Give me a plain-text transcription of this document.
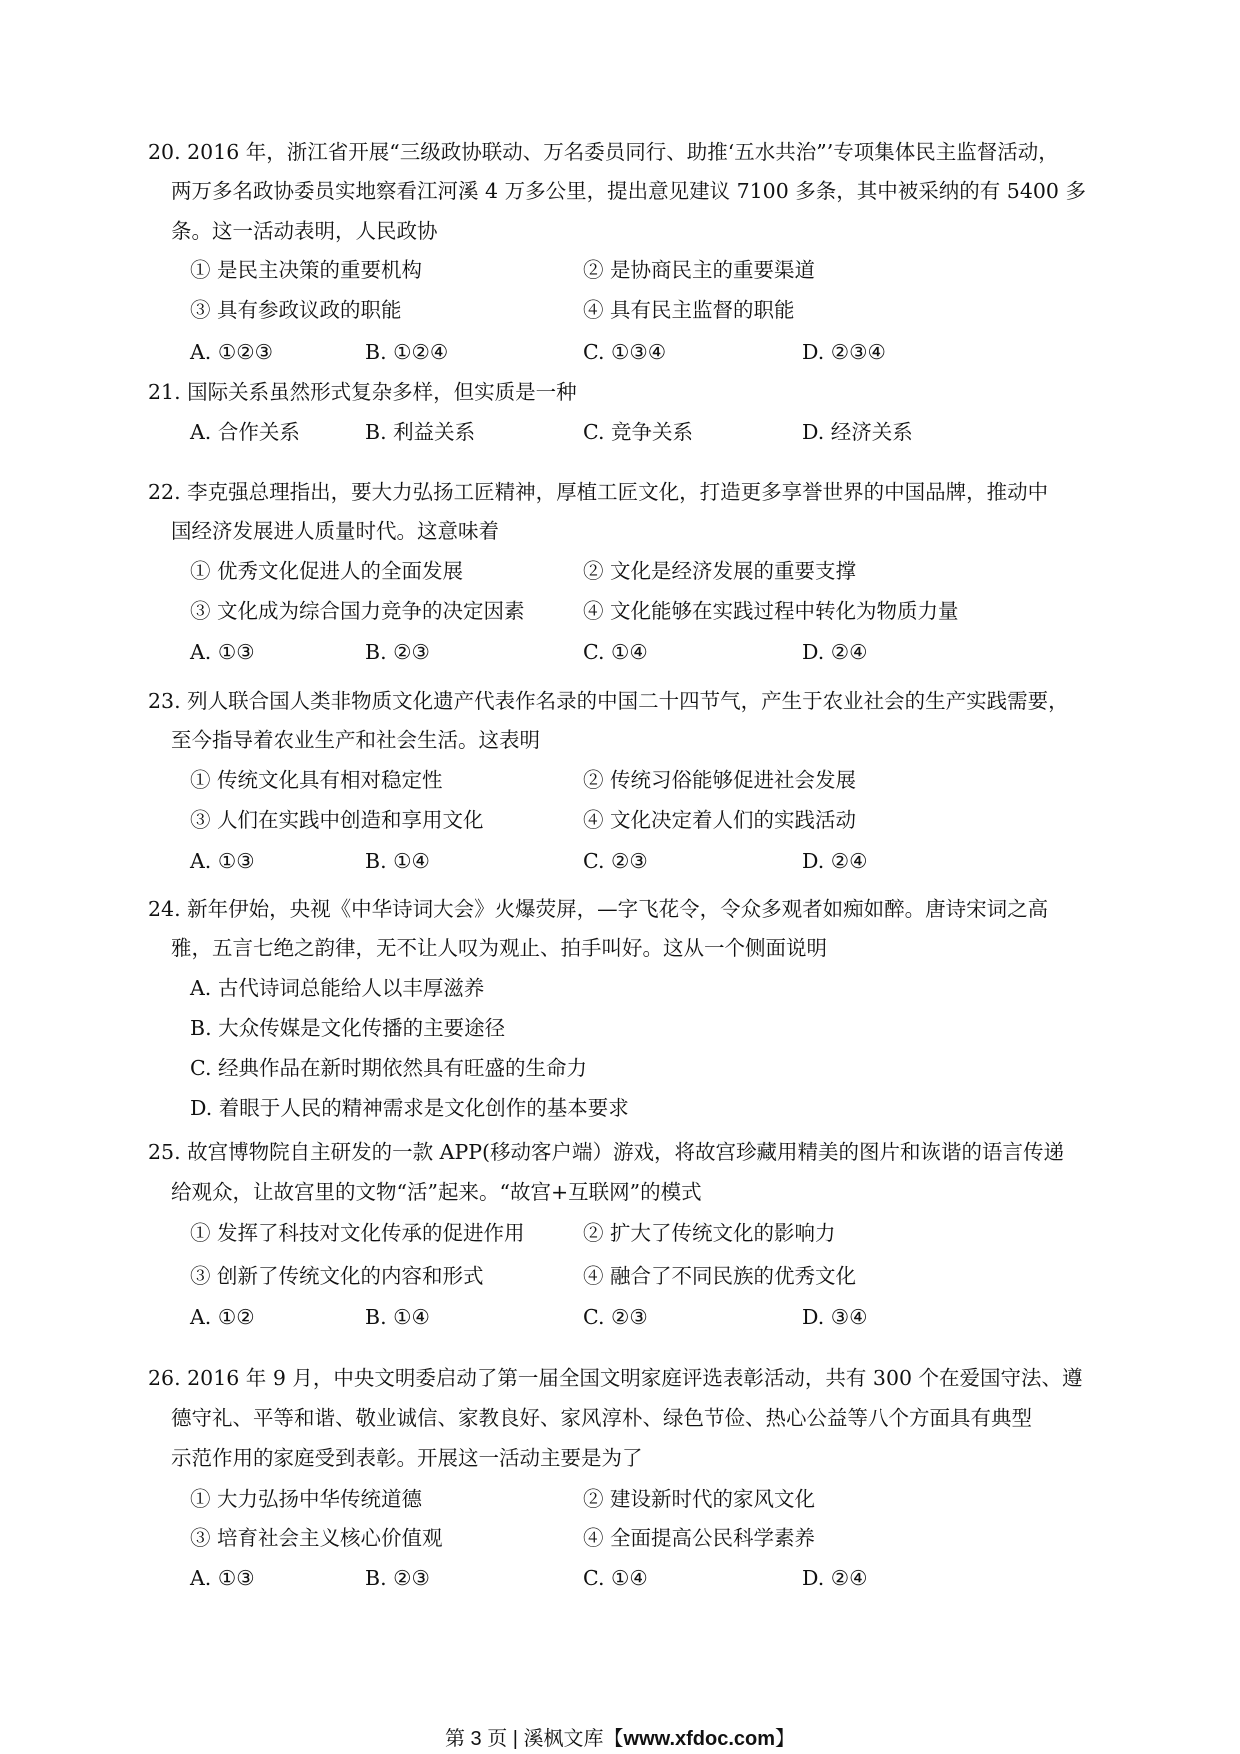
20. 2016 年，浙江省开展“三级政协联动、万名委员同行、助推‘五水共治”’专项集体民主监督活动，
两万多名政协委员实地察看江河溪 4 万多公里，提出意见建议 7100 多条，其中被采纳的有 5400 多
条。这一活动表明，人民政协
① 是民主决策的重要机构	② 是协商民主的重要渠道
③ 具有参政议政的职能	④ 具有民主监督的职能
A. ①②③	B. ①②④	C. ①③④	D. ②③④
21. 国际关系虽然形式复杂多样，但实质是一种
A. 合作关系	B. 利益关系	C. 竞争关系	D. 经济关系
22. 李克强总理指出，要大力弘扬工匠精神，厚植工匠文化，打造更多享誉世界的中国品牌，推动中
国经济发展进人质量时代。这意味着
① 优秀文化促进人的全面发展	② 文化是经济发展的重要支撑
③ 文化成为综合国力竞争的决定因素	④ 文化能够在实践过程中转化为物质力量
A. ①③	B. ②③	C. ①④	D. ②④
23. 列人联合国人类非物质文化遗产代表作名录的中国二十四节气，产生于农业社会的生产实践需要，
至今指导着农业生产和社会生活。这表明
① 传统文化具有相对稳定性	② 传统习俗能够促进社会发展
③ 人们在实践中创造和享用文化	④ 文化决定着人们的实践活动
A. ①③	B. ①④	C. ②③	D. ②④
24. 新年伊始，央视《中华诗词大会》火爆荧屏，—字飞花令，令众多观者如痴如醉。唐诗宋词之高
雅，五言七绝之韵律，无不让人叹为观止、拍手叫好。这从一个侧面说明
A. 古代诗词总能给人以丰厚滋养
B. 大众传媒是文化传播的主要途径
C. 经典作品在新时期依然具有旺盛的生命力
D. 着眼于人民的精神需求是文化创作的基本要求
25. 故宫博物院自主研发的一款 APP(移动客户端）游戏，将故宫珍藏用精美的图片和诙谐的语言传递
给观众，让故宫里的文物“活”起来。“故宫+互联网”的模式
① 发挥了科技对文化传承的促进作用	② 扩大了传统文化的影响力
③ 创新了传统文化的内容和形式	④ 融合了不同民族的优秀文化
A. ①②	B. ①④	C. ②③	D. ③④
26. 2016 年 9 月，中央文明委启动了第一届全国文明家庭评选表彰活动，共有 300 个在爱国守法、遵
德守礼、平等和谐、敬业诚信、家教良好、家风淳朴、绿色节俭、热心公益等八个方面具有典型
示范作用的家庭受到表彰。开展这一活动主要是为了
① 大力弘扬中华传统道德	② 建设新时代的家风文化
③ 培育社会主义核心价值观	④ 全面提高公民科学素养
A. ①③	B. ②③	C. ①④	D. ②④
第 3 页 | 溪枫文库【www.xfdoc.com】
